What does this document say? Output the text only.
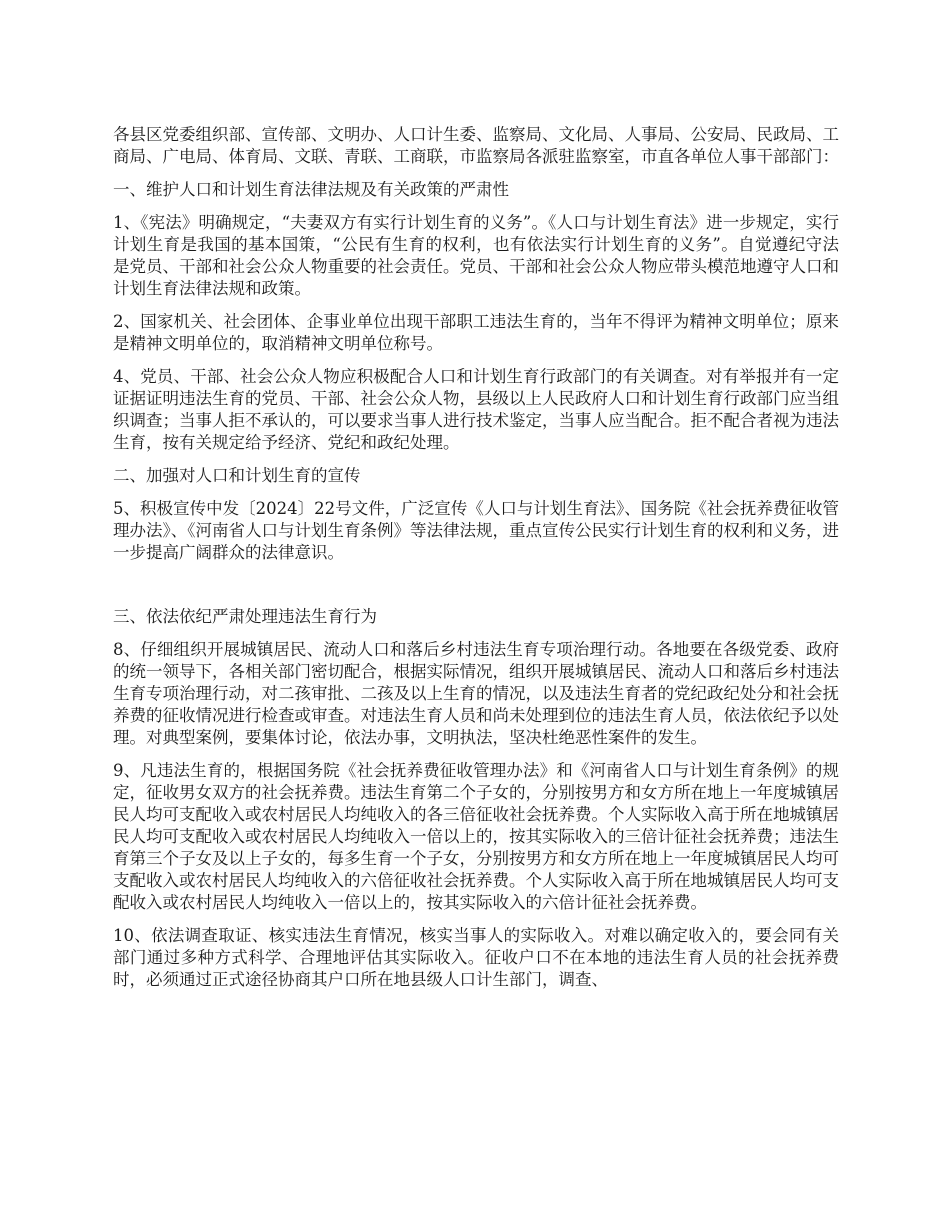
各县区党委组织部、宣传部、文明办、人口计生委、监察局、文化局、人事局、公安局、民政局、工商局、广电局、体育局、文联、青联、工商联，市监察局各派驻监察室，市直各单位人事干部部门：

一、维护人口和计划生育法律法规及有关政策的严肃性

1、《宪法》明确规定，“夫妻双方有实行计划生育的义务”。《人口与计划生育法》进一步规定，实行计划生育是我国的基本国策，“公民有生育的权利，也有依法实行计划生育的义务”。自觉遵纪守法是党员、干部和社会公众人物重要的社会责任。党员、干部和社会公众人物应带头模范地遵守人口和计划生育法律法规和政策。

2、国家机关、社会团体、企事业单位出现干部职工违法生育的，当年不得评为精神文明单位；原来是精神文明单位的，取消精神文明单位称号。

4、党员、干部、社会公众人物应积极配合人口和计划生育行政部门的有关调查。对有举报并有一定证据证明违法生育的党员、干部、社会公众人物，县级以上人民政府人口和计划生育行政部门应当组织调查；当事人拒不承认的，可以要求当事人进行技术鉴定，当事人应当配合。拒不配合者视为违法生育，按有关规定给予经济、党纪和政纪处理。

二、加强对人口和计划生育的宣传

5、积极宣传中发〔2024〕22号文件，广泛宣传《人口与计划生育法》、国务院《社会抚养费征收管理办法》、《河南省人口与计划生育条例》等法律法规，重点宣传公民实行计划生育的权利和义务，进一步提高广阔群众的法律意识。

三、依法依纪严肃处理违法生育行为

8、仔细组织开展城镇居民、流动人口和落后乡村违法生育专项治理行动。各地要在各级党委、政府的统一领导下，各相关部门密切配合，根据实际情况，组织开展城镇居民、流动人口和落后乡村违法生育专项治理行动，对二孩审批、二孩及以上生育的情况，以及违法生育者的党纪政纪处分和社会抚养费的征收情况进行检查或审查。对违法生育人员和尚未处理到位的违法生育人员，依法依纪予以处理。对典型案例，要集体讨论，依法办事，文明执法，坚决杜绝恶性案件的发生。

9、凡违法生育的，根据国务院《社会抚养费征收管理办法》和《河南省人口与计划生育条例》的规定，征收男女双方的社会抚养费。违法生育第二个子女的，分别按男方和女方所在地上一年度城镇居民人均可支配收入或农村居民人均纯收入的各三倍征收社会抚养费。个人实际收入高于所在地城镇居民人均可支配收入或农村居民人均纯收入一倍以上的，按其实际收入的三倍计征社会抚养费；违法生育第三个子女及以上子女的，每多生育一个子女，分别按男方和女方所在地上一年度城镇居民人均可支配收入或农村居民人均纯收入的六倍征收社会抚养费。个人实际收入高于所在地城镇居民人均可支配收入或农村居民人均纯收入一倍以上的，按其实际收入的六倍计征社会抚养费。

10、依法调查取证、核实违法生育情况，核实当事人的实际收入。对难以确定收入的，要会同有关部门通过多种方式科学、合理地评估其实际收入。征收户口不在本地的违法生育人员的社会抚养费时，必须通过正式途径协商其户口所在地县级人口计生部门，调查、
